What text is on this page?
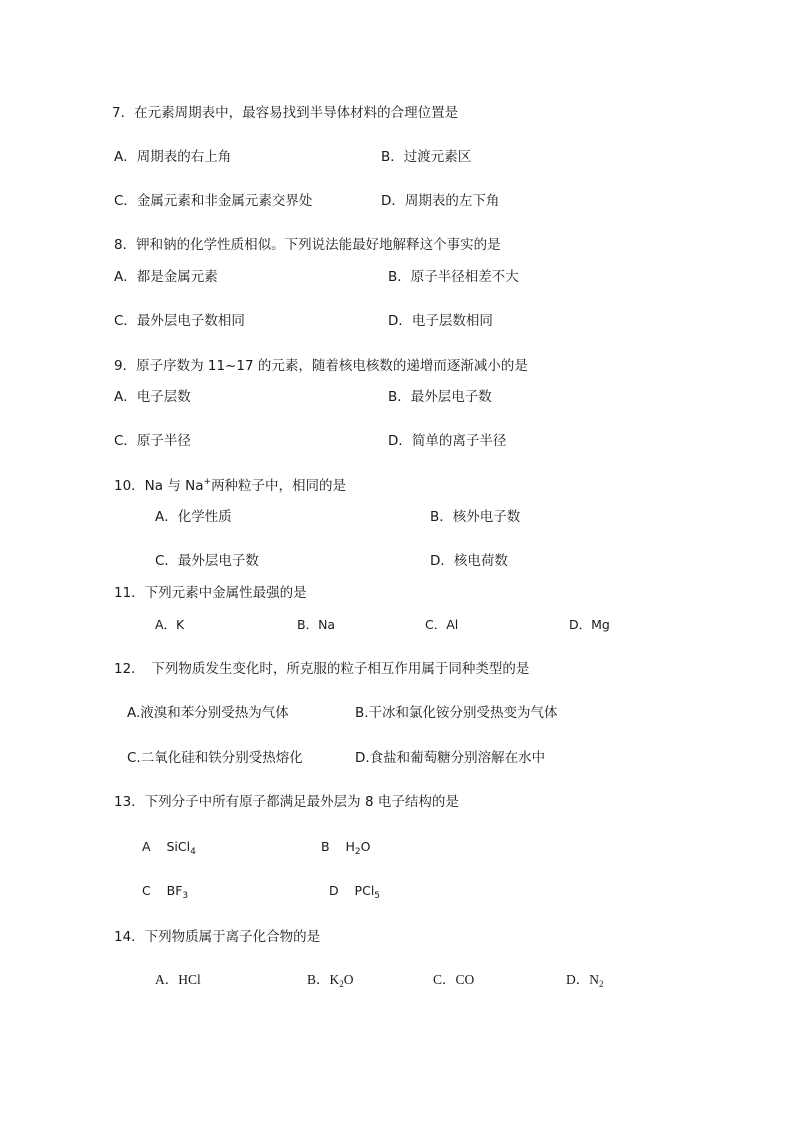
7．在元素周期表中，最容易找到半导体材料的合理位置是
A．周期表的右上角	B．过渡元素区
C．金属元素和非金属元素交界处	D．周期表的左下角
8．钾和钠的化学性质相似。下列说法能最好地解释这个事实的是
A．都是金属元素	B．原子半径相差不大
C．最外层电子数相同	D．电子层数相同
9．原子序数为 11~17 的元素，随着核电核数的递增而逐渐减小的是
A．电子层数	B．最外层电子数
C．原子半径	D．简单的离子半径
10．Na 与 Na+两种粒子中，相同的是
A．化学性质	B．核外电子数
C．最外层电子数	D．核电荷数
11．下列元素中金属性最强的是
A．K	B．Na	C．Al	D．Mg
12．　下列物质发生变化时，所克服的粒子相互作用属于同种类型的是
A.液溴和苯分别受热为气体	B.干冰和氯化铵分别受热变为气体
C.二氧化硅和铁分别受热熔化	D.食盐和葡萄糖分别溶解在水中
13．下列分子中所有原子都满足最外层为 8 电子结构的是
A SiCl$_4$	B $H_2O$
C $BF_3$	D PCl$_5$
14．下列物质属于离子化合物的是
A．HCl	B．$K_2O$	C．CO	D．$N_2$
